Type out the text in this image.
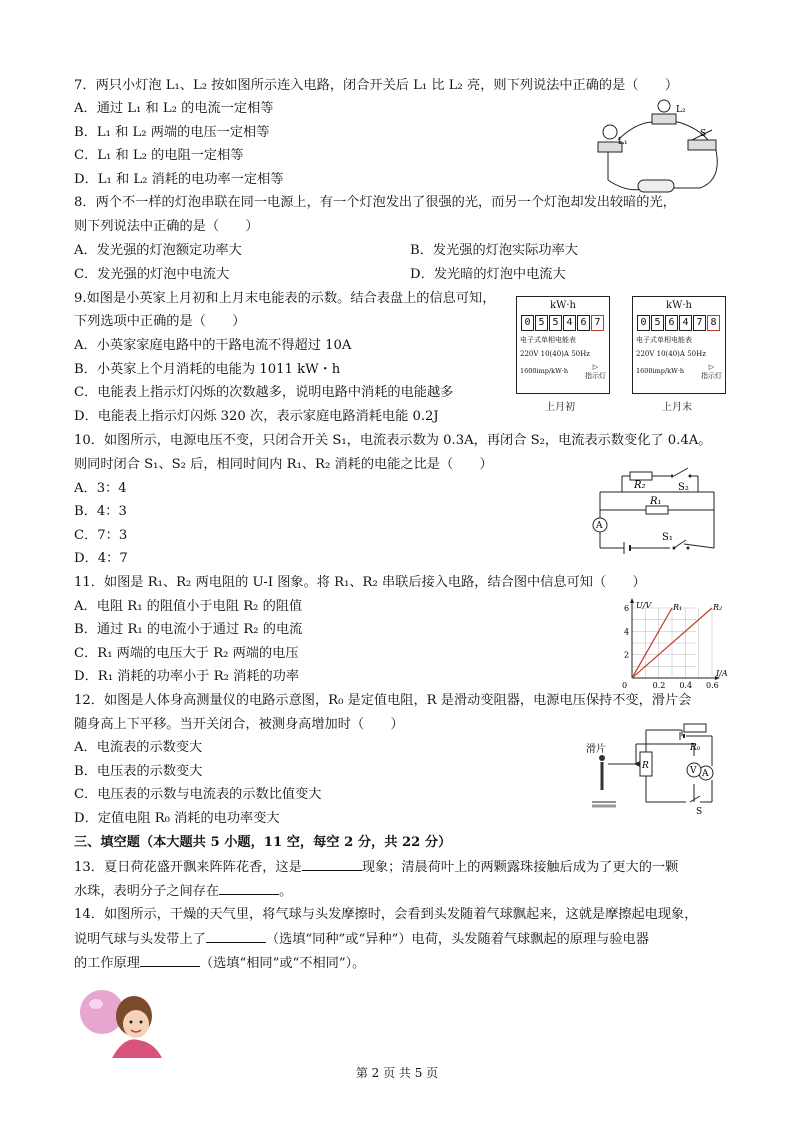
7．两只小灯泡 L₁、L₂ 按如图所示连入电路，闭合开关后 L₁ 比 L₂ 亮，则下列说法中正确的是（　　）
A．通过 L₁ 和 L₂ 的电流一定相等
B．L₁ 和 L₂ 两端的电压一定相等
C．L₁ 和 L₂ 的电阻一定相等
D．L₁ 和 L₂ 消耗的电功率一定相等
L₁
L₂
S
8．两个不一样的灯泡串联在同一电源上，有一个灯泡发出了很强的光，而另一个灯泡却发出较暗的光，
则下列说法中正确的是（　　）
A．发光强的灯泡额定功率大	B．发光强的灯泡实际功率大
C．发光强的灯泡中电流大	D．发光暗的灯泡中电流大
9.如图是小英家上月初和上月末电能表的示数。结合表盘上的信息可知，
下列选项中正确的是（　　）
A．小英家家庭电路中的干路电流不得超过 10A
B．小英家上个月消耗的电能为 1011 kW・h
C．电能表上指示灯闪烁的次数越多，说明电路中消耗的电能越多
D．电能表上指示灯闪烁 320 次，表示家庭电路消耗电能 0.2J
kW·h
0 5 5 4 6 7
电子式单相电能表
220V 10(40)A 50Hz
1600imp/kW·h	▷
指示灯
上月初
kW·h
0 5 6 4 7 8
电子式单相电能表
220V 10(40)A 50Hz
1600imp/kW·h	▷
指示灯
上月末
10．如图所示，电源电压不变，只闭合开关 S₁，电流表示数为 0.3A，再闭合 S₂，电流表示数变化了 0.4A。
则同时闭合 S₁、S₂ 后，相同时间内 R₁、R₂ 消耗的电能之比是（　　）
A．3：4
B．4：3
C．7：3
D．4：7
A
R₂
R₁
S₂
S₁
11．如图是 R₁、R₂ 两电阻的 U-I 图象。将 R₁、R₂ 串联后接入电路，结合图中信息可知（　　）
A．电阻 R₁ 的阻值小于电阻 R₂ 的阻值
B．通过 R₁ 的电流小于通过 R₂ 的电流
C．R₁ 两端的电压大于 R₂ 两端的电压
D．R₁ 消耗的功率小于 R₂ 消耗的功率
0	0.2 0.4 0.6
2
4
6 U/V
I/A
R₁	R₂
12．如图是人体身高测量仪的电路示意图，R₀ 是定值电阻，R 是滑动变阻器，电源电压保持不变，滑片会
随身高上下平移。当开关闭合，被测身高增加时（　　）
A．电流表的示数变大
B．电压表的示数变大
C．电压表的示数与电流表的示数比值变大
D．定值电阻 R₀ 消耗的电功率变大
滑片
R
R₀
V A
S
三、填空题（本大题共 5 小题，11 空，每空 2 分，共 22 分）
13．夏日荷花盛开飘来阵阵花香，这是	现象；清晨荷叶上的两颗露珠接触后成为了更大的一颗
水珠，表明分子之间存在	。
14．如图所示，干燥的天气里，将气球与头发摩擦时，会看到头发随着气球飘起来，这就是摩擦起电现象，
说明气球与头发带上了	（选填“同种”或“异种”）电荷，头发随着气球飘起的原理与验电器
的工作原理	（选填“相同”或“不相同”）。
第 2 页 共 5 页
